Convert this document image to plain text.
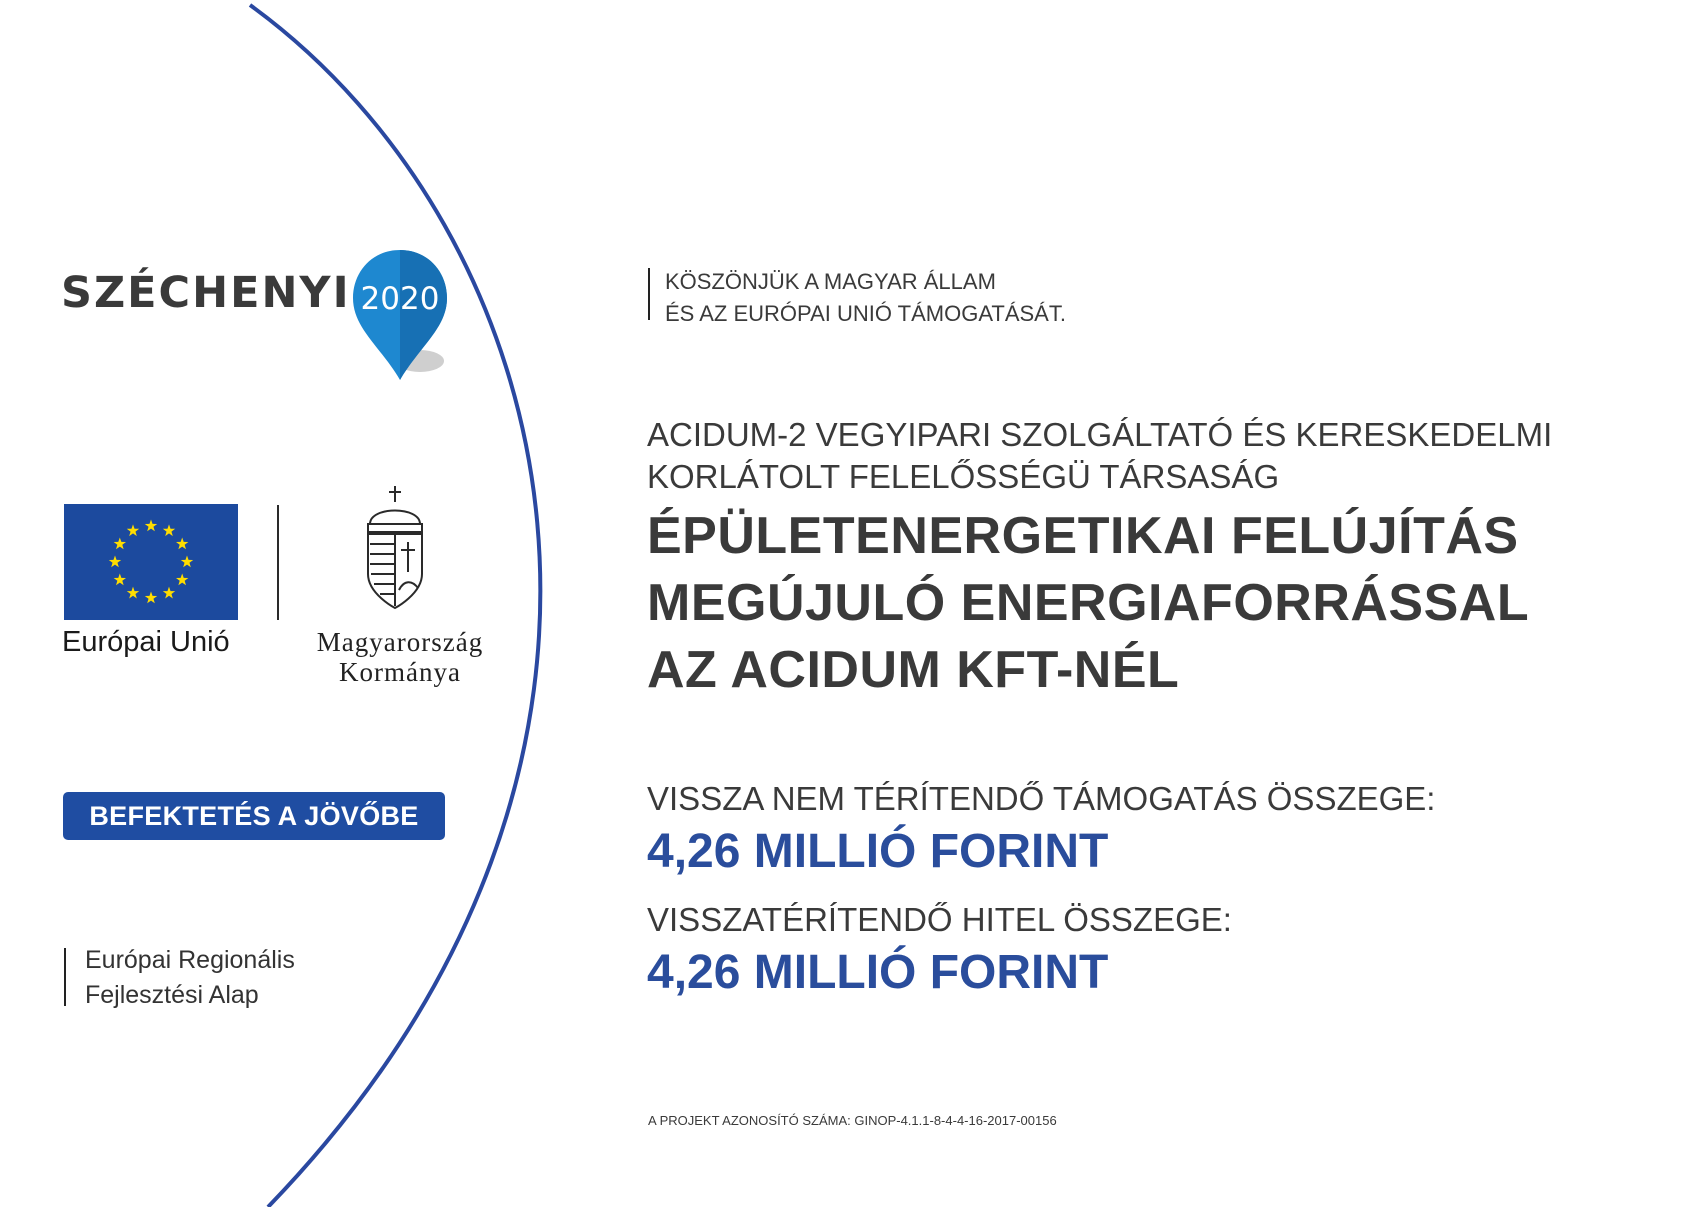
SZÉCHENYI 2020
Európai Unió	Magyarország
Kormánya
BEFEKTETÉS A JÖVŐBE
Európai Regionális
Fejlesztési Alap
KÖSZÖNJÜK A MAGYAR ÁLLAM
ÉS AZ EURÓPAI UNIÓ TÁMOGATÁSÁT.
ACIDUM-2 VEGYIPARI SZOLGÁLTATÓ ÉS KERESKEDELMI
KORLÁTOLT FELELŐSSÉGÜ TÁRSASÁG
ÉPÜLETENERGETIKAI FELÚJÍTÁS
MEGÚJULÓ ENERGIAFORRÁSSAL
AZ ACIDUM KFT-NÉL
VISSZA NEM TÉRÍTENDŐ TÁMOGATÁS ÖSSZEGE:
4,26 MILLIÓ FORINT
VISSZATÉRÍTENDŐ HITEL ÖSSZEGE:
4,26 MILLIÓ FORINT
A PROJEKT AZONOSÍTÓ SZÁMA: GINOP-4.1.1-8-4-4-16-2017-00156
